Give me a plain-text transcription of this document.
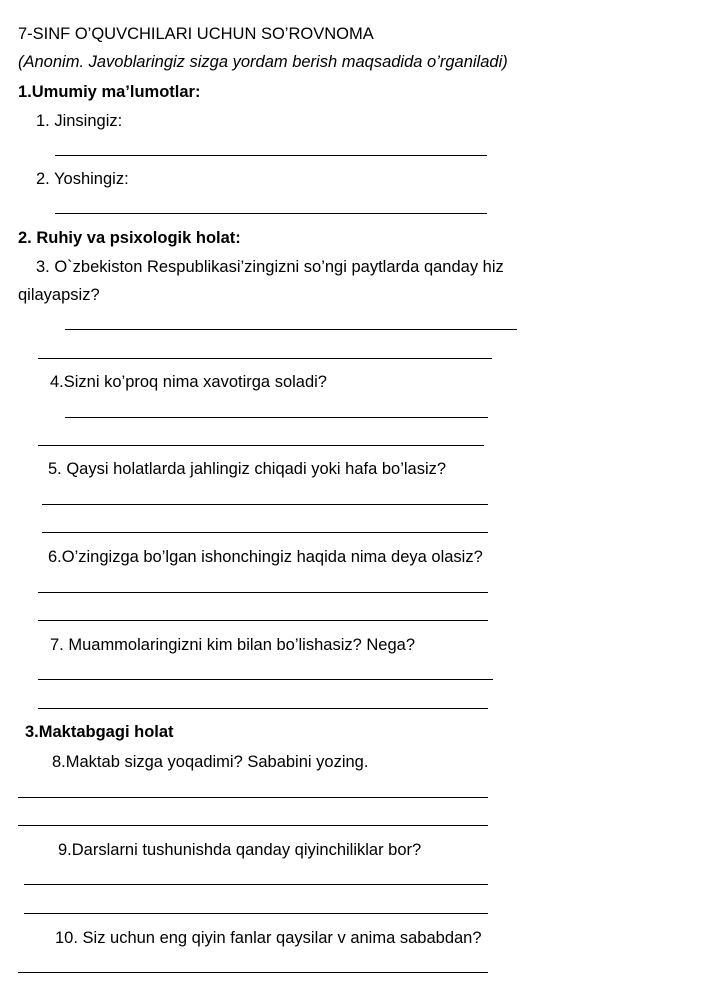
7-SINF O’QUVCHILARI UCHUN SO’ROVNOMA
(Anonim. Javoblaringiz sizga yordam berish maqsadida o’rganiladi)
1.Umumiy ma’lumotlar:
1. Jinsingiz:
2. Yoshingiz:
2. Ruhiy va psixologik holat:
3. O`zbekiston Respublikasi’zingizni so’ngi paytlarda qanday hiz
qilayapsiz?
4.Sizni ko’proq nima xavotirga soladi?
5. Qaysi holatlarda jahlingiz chiqadi yoki hafa bo’lasiz?
6.O’zingizga bo’lgan ishonchingiz haqida nima deya olasiz?
7. Muammolaringizni kim bilan bo’lishasiz? Nega?
3.Maktabgagi holat
8.Maktab sizga yoqadimi? Sababini yozing.
9.Darslarni tushunishda qanday qiyinchiliklar bor?
10. Siz uchun eng qiyin fanlar qaysilar v anima sababdan?
